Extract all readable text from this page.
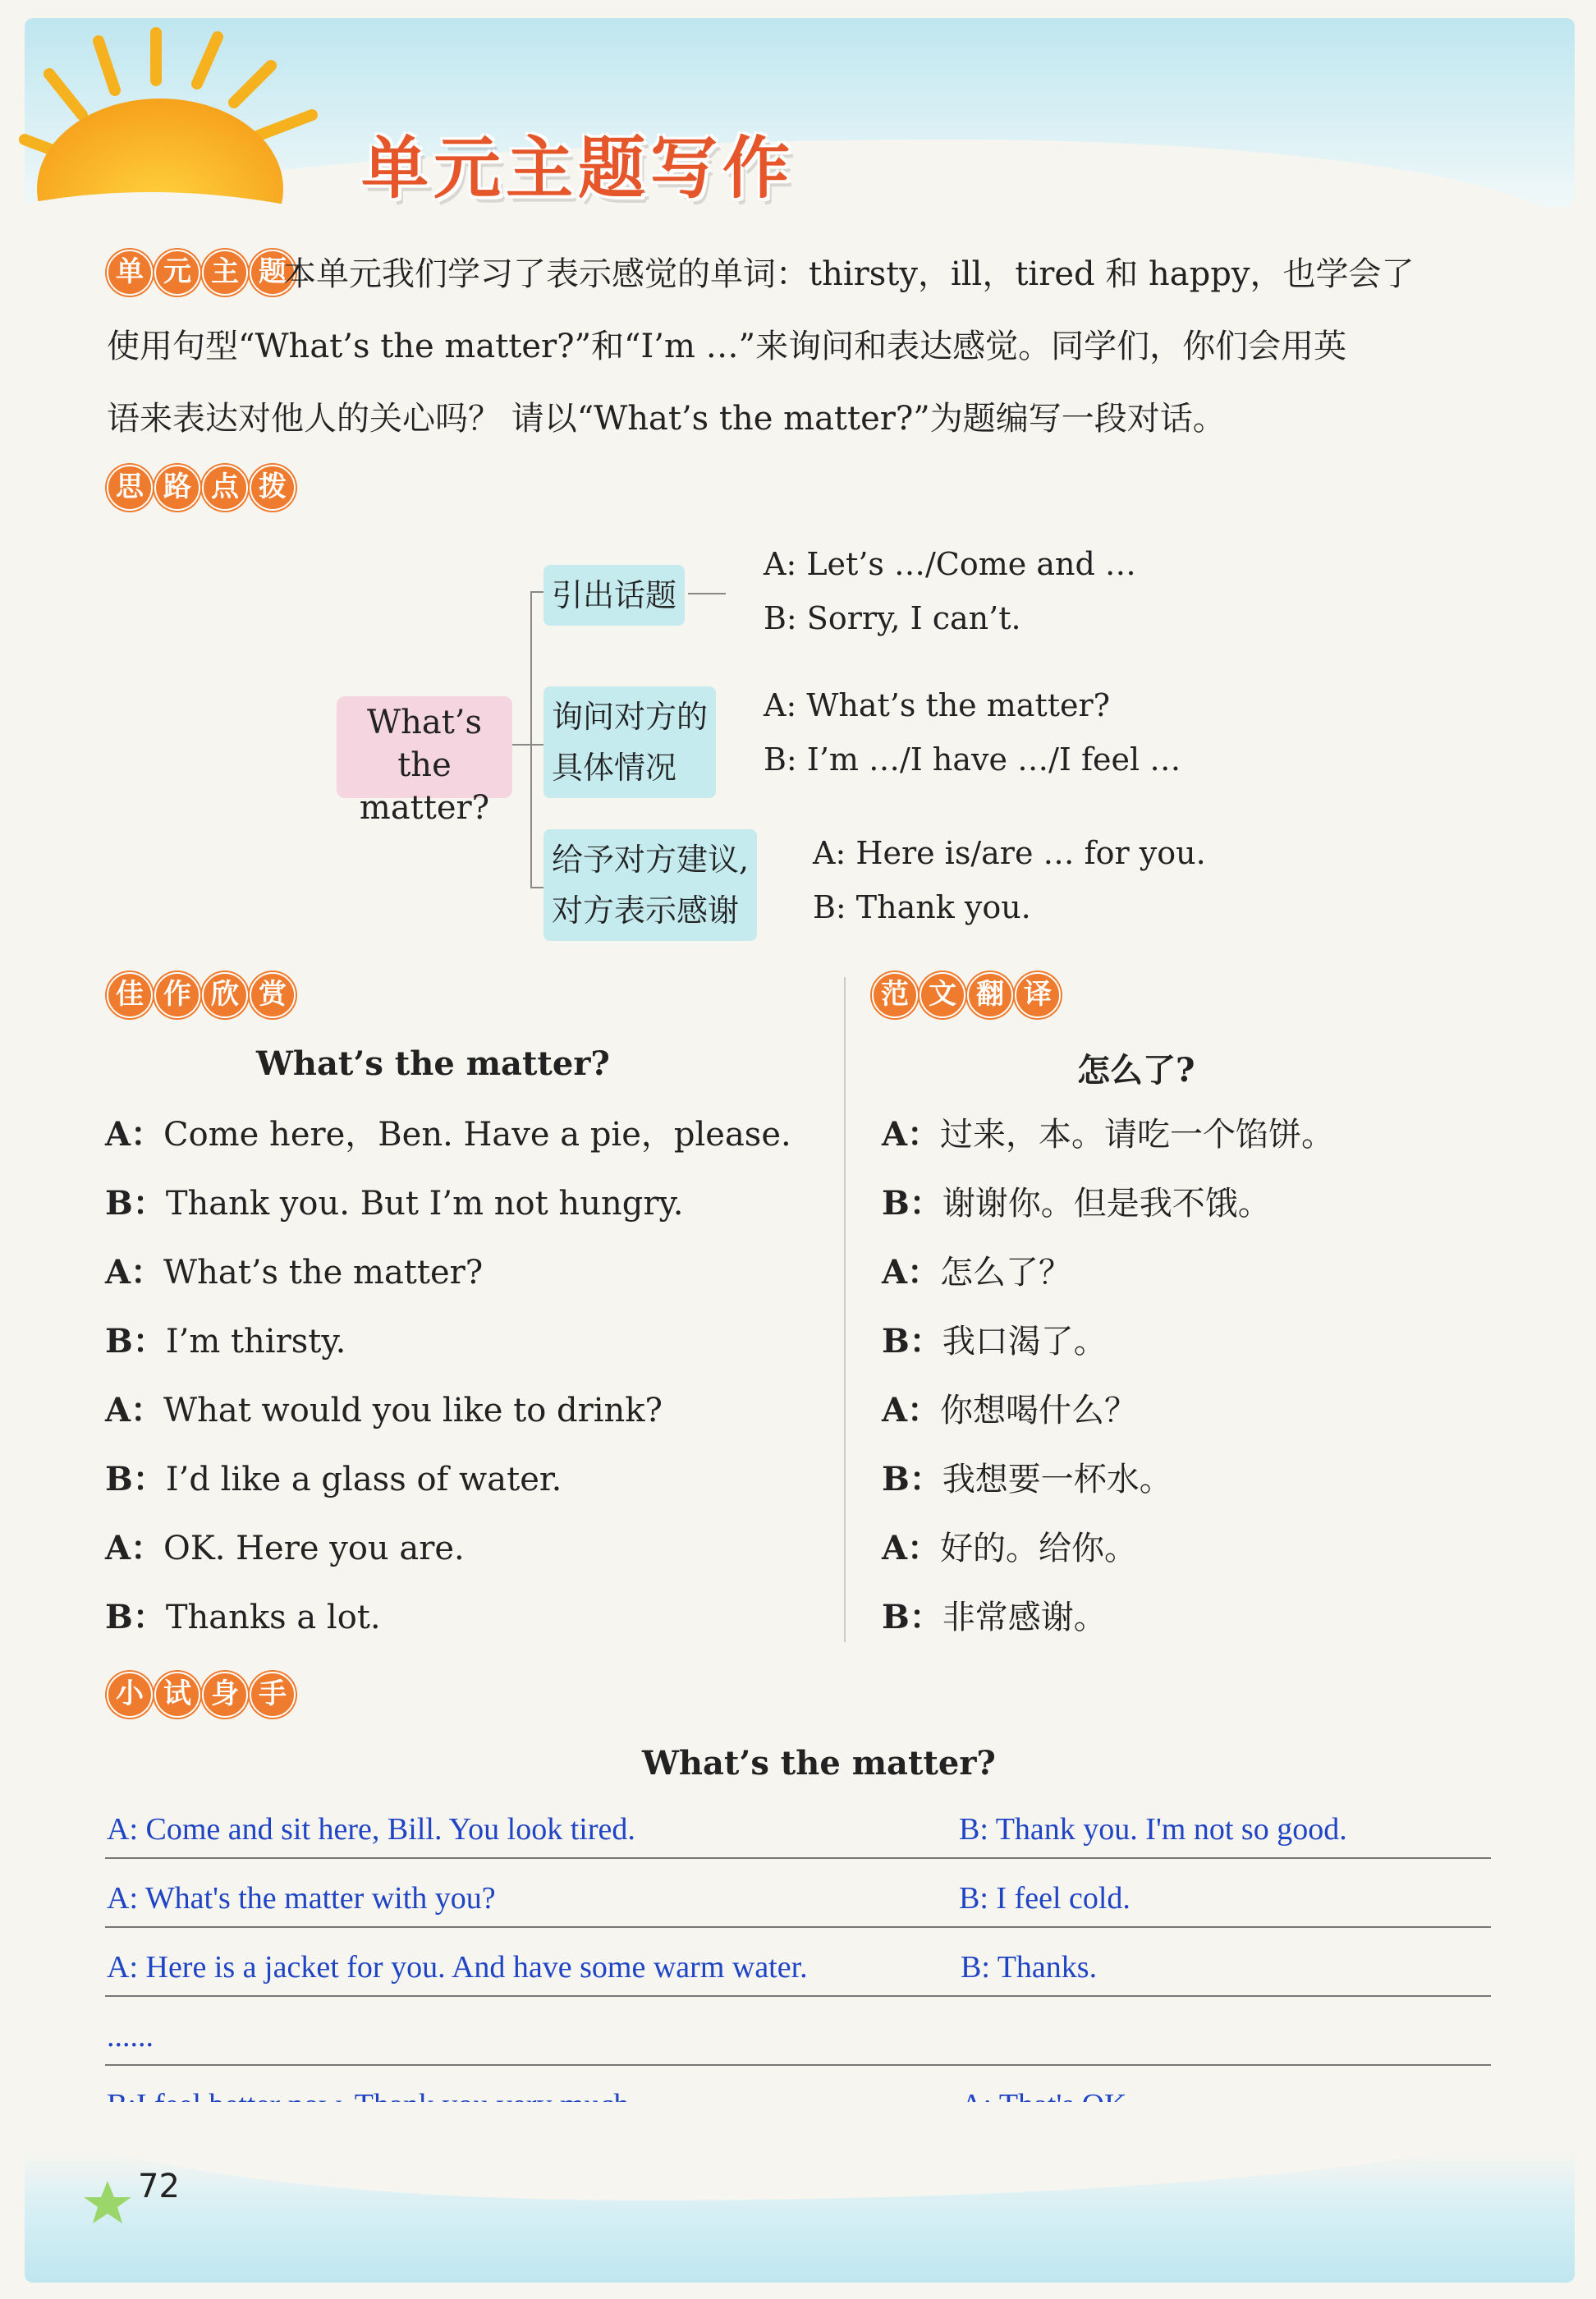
单元主题写作
单 元 主 题

本单元我们学习了表示感觉的单词：thirsty，ill，tired 和 happy，也学会了

使用句型“What’s the matter?”和“I’m …”来询问和表达感觉。同学们，你们会用英

语来表达对他人的关心吗？ 请以“What’s the matter?”为题编写一段对话。

思 路 点 拨
What’s the
matter?
引出话题
A: Let’s …/Come and …
B: Sorry, I can’t.
询问对方的
具体情况
A: What’s the matter?
B: I’m …/I have …/I feel …
给予对方建议,
对方表示感谢
A: Here is/are … for you.
B: Thank you.
佳 作 欣 赏
What’s the matter?
A：Come here，Ben. Have a pie，please.
B：Thank you. But I’m not hungry.
A：What’s the matter?
B：I’m thirsty.
A：What would you like to drink?
B：I’d like a glass of water.
A：OK. Here you are.
B：Thanks a lot.
范 文 翻 译
怎么了?
A：过来，本。请吃一个馅饼。
B：谢谢你。但是我不饿。
A：怎么了？
B：我口渴了。
A：你想喝什么？
B：我想要一杯水。
A：好的。给你。
B：非常感谢。
小 试 身 手
What’s the matter?
A: Come and sit here, Bill. You look tired.	B: Thank you. I'm not so good.
A: What's the matter with you?	B: I feel cold.
A: Here is a jacket for you. And have some warm water.	B: Thanks.
......
72
